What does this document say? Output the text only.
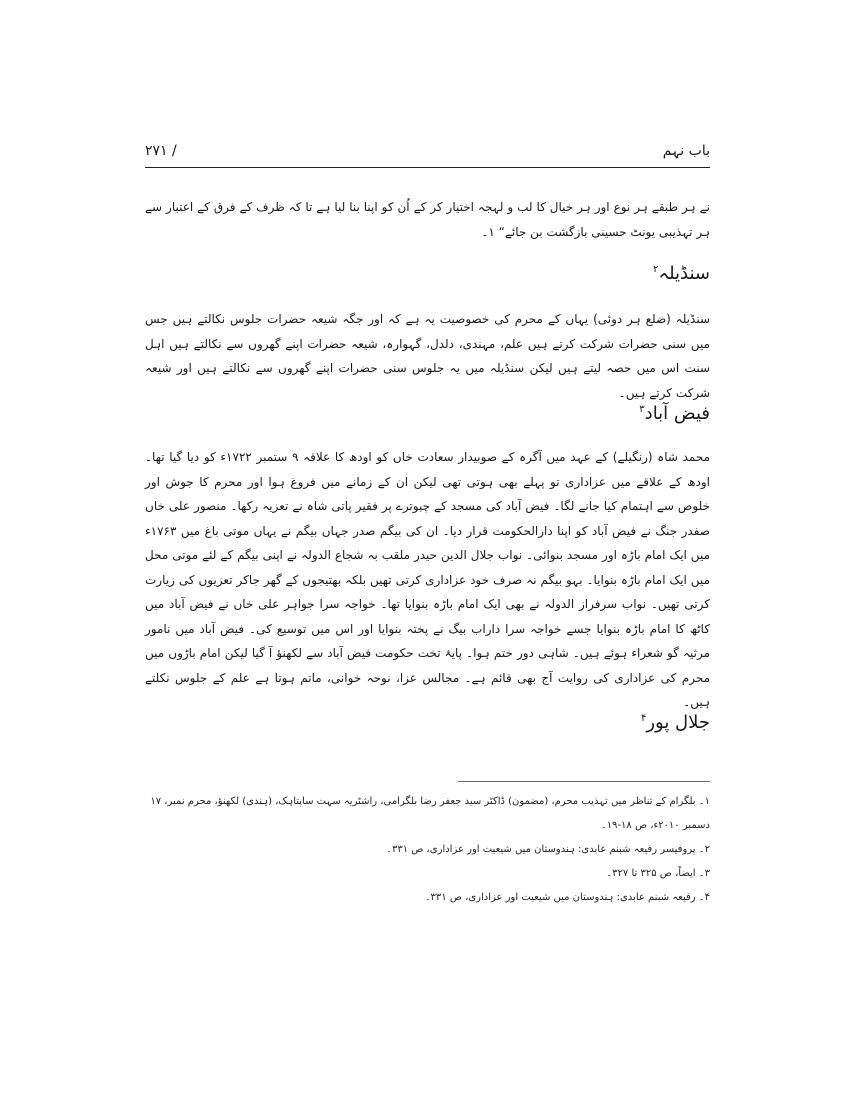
باب نہم
/ ۲۷۱

نے ہر طبقے ہر نوع اور ہر خیال کا لب و لہجہ اختیار کر کے اُن کو اپنا بنا لیا ہے تا کہ ظرف کے فرق کے اعتبار سے ہر تہذیبی یونٹ حسینی بازگشت بن جائے“ ۱۔

سنڈیلہ$^۲$

سنڈیلہ (ضلع ہر دوئی) یہاں کے محرم کی خصوصیت یہ ہے کہ اور جگہ شیعہ حضرات جلوس نکالتے ہیں جس میں سنی حضرات شرکت کرتے ہیں علم، مہندی، دلدل، گہوارہ، شیعہ حضرات اپنے گھروں سے نکالتے ہیں اہل سنت اس میں حصہ لیتے ہیں لیکن سنڈیلہ میں یہ جلوس سنی حضرات اپنے گھروں سے نکالتے ہیں اور شیعہ شرکت کرتے ہیں۔

فیض آباد$^۳$

محمد شاہ (رنگیلے) کے عہد میں آگرہ کے صوبیدار سعادت خاں کو اودھ کا علاقہ ۹ ستمبر ۱۷۲۲ء کو دیا گیا تھا۔ اودھ کے علاقے میں عزاداری تو پہلے بھی ہوتی تھی لیکن ان کے زمانے میں فروغ ہوا اور محرم کا جوش اور خلوص سے اہتمام کیا جانے لگا۔ فیض آباد کی مسجد کے چبوترے پر فقیر پاتی شاہ نے تعزیہ رکھا۔ منصور علی خاں صفدر جنگ نے فیض آباد کو اپنا دارالحکومت قرار دیا۔ ان کی بیگم صدر جہاں بیگم نے یہاں موتی باغ میں ۱۷۶۳ء میں ایک امام باڑہ اور مسجد بنوائی۔ نواب جلال الدین حیدر ملقب بہ شجاع الدولہ نے اپنی بیگم کے لئے موتی محل میں ایک امام باڑہ بنوایا۔ بہو بیگم نہ صرف خود عزاداری کرتی تھیں بلکہ بھتیجوں کے گھر جاکر تعزیوں کی زیارت کرتی تھیں۔ نواب سرفراز الدولہ نے بھی ایک امام باڑہ بنوایا تھا۔ خواجہ سرا جواہر علی خاں نے فیض آباد میں کاٹھ کا امام باڑہ بنوایا جسے خواجہ سرا داراب بیگ نے پختہ بنوایا اور اس میں توسیع کی۔ فیض آباد میں نامور مرثیہ گو شعراء ہوئے ہیں۔ شاہی دور ختم ہوا۔ پایۂ تخت حکومت فیض آباد سے لکھنؤ آ گیا لیکن امام باڑوں میں محرم کی عزاداری کی روایت آج بھی قائم ہے۔ مجالس عزا، نوحہ خوانی، ماتم ہوتا ہے علم کے جلوس نکلتے ہیں۔

جلال پور$^۴$
۱۔ بلگرام کے تناظر میں تہذیب محرم، (مضمون) ڈاکٹر سید جعفر رضا بلگرامی، راشٹریہ سہت ساپتاہک، (ہندی) لکھنؤ، محرم نمبر، ۱۷ دسمبر ۲۰۱۰ء، ص ۱۸-۱۹۔
۲۔ پروفیسر رفیعہ شبنم عابدی: ہندوستان میں شیعیت اور عزاداری، ص ۳۳۱۔
۳۔ ایضاً، ص ۳۲۵ تا ۳۲۷۔
۴۔ رفیعہ شبنم عابدی: ہندوستان میں شیعیت اور عزاداری، ص ۳۳۱۔
